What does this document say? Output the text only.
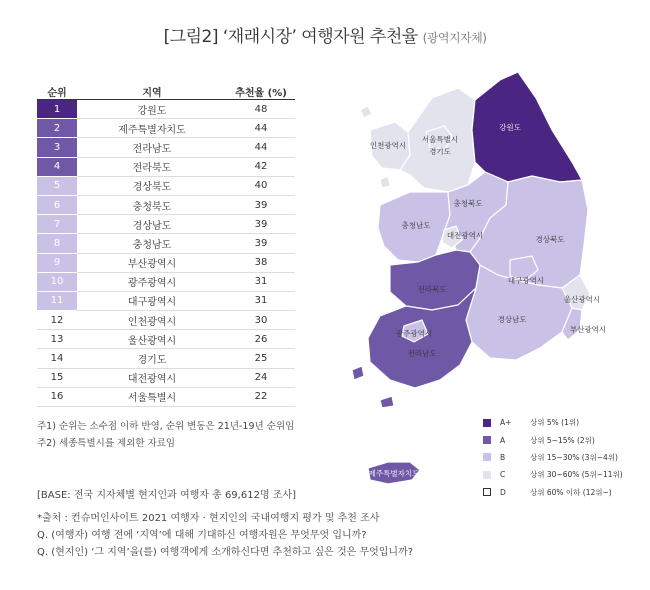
[그림2] ‘재래시장’ 여행자원 추천율 (광역지자체)
순위	지역	추천율 (%)
1	강원도	48
2	제주특별자치도	44
3	전라남도	44
4	전라북도	42
5	경상북도	40
6	충청북도	39
7	경상남도	39
8	충청남도	39
9	부산광역시	38
10	광주광역시	31
11	대구광역시	31
12	인천광역시	30
13	울산광역시	26
14	경기도	25
15	대전광역시	24
16	서울특별시	22
주1) 순위는 소수점 이하 반영, 순위 변동은 21년-19년 순위임
주2) 세종특별시를 제외한 자료임
[BASE: 전국 지자체별 현지인과 여행자 총 69,612명 조사]
*출처 : 컨슈머인사이트 2021 여행자 · 현지인의 국내여행지 평가 및 추천 조사
Q. (여행자) 여행 전에 ‘지역’에 대해 기대하신 여행자원은 무엇무엇 입니까?
Q. (현지인) ‘그 지역’을(를) 여행객에게 소개하신다면 추천하고 싶은 것은 무엇입니까?
인천광역시
서울특별시
경기도
강원도
충청북도
충청남도
대전광역시	경상북도
대구광역시
전라북도
울산광역시
경상남도
부산광역시
광주광역시
전라남도
제주특별자치도
A+	상위 5% (1위)
A	상위 5~15% (2위)
B	상위 15~30% (3위~4위)
C	상위 30~60% (5위~11위)
D	상위 60% 이하 (12위~)
